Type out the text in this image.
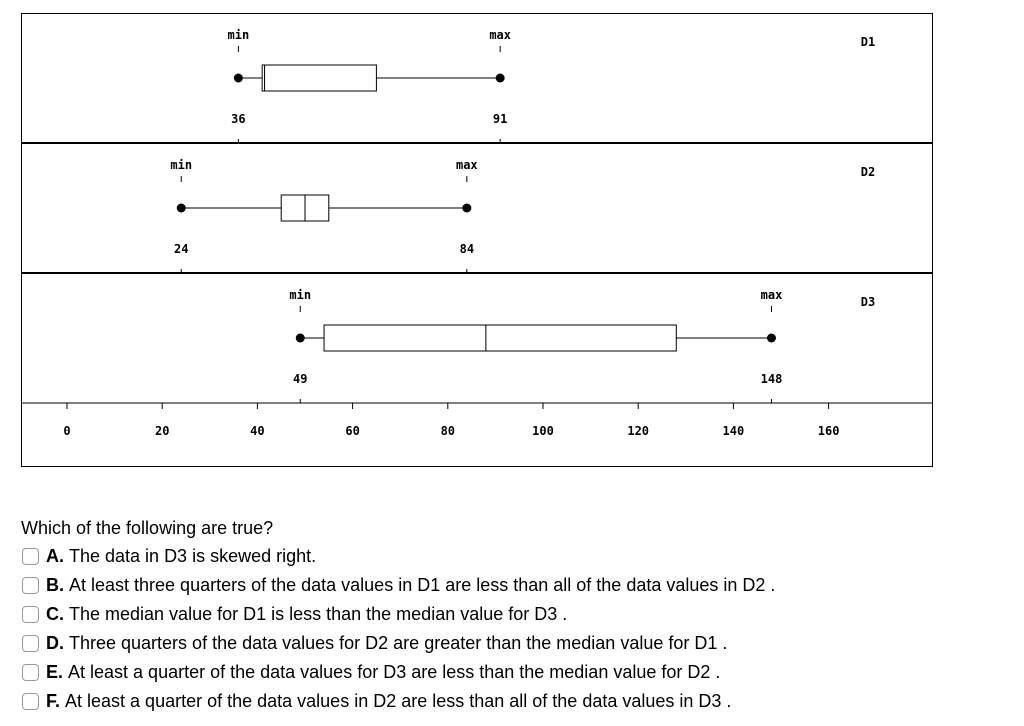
D1
min	max
36	91
D2
min	max
24	84
D3
min	max
49	148
0	20	40	60	80	100	120	140	160
Which of the following are true?
A. The data in D3 is skewed right.
B. At least three quarters of the data values in D1 are less than all of the data values in D2 .
C. The median value for D1 is less than the median value for D3 .
D. Three quarters of the data values for D2 are greater than the median value for D1 .
E. At least a quarter of the data values for D3 are less than the median value for D2 .
F. At least a quarter of the data values in D2 are less than all of the data values in D3 .
